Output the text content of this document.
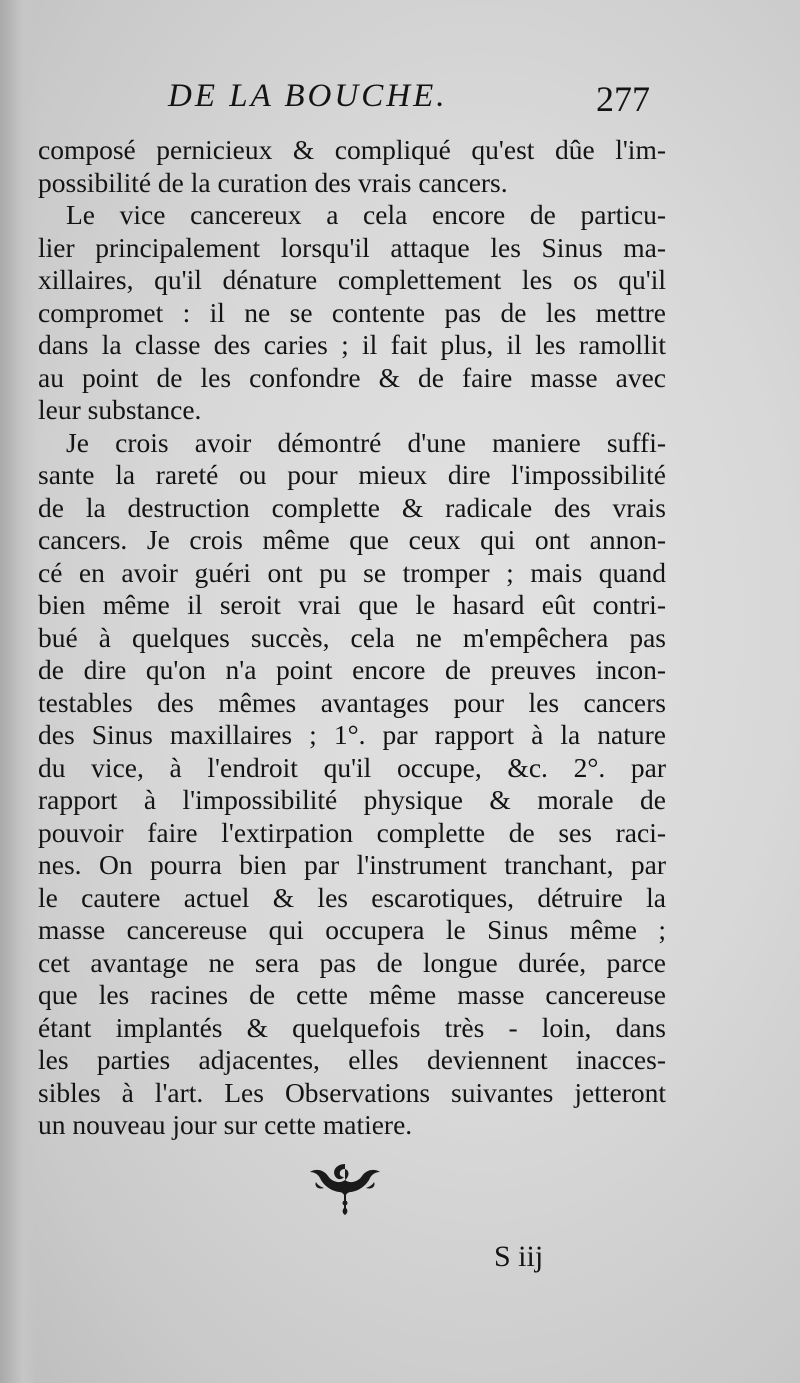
DE LA BOUCHE.	277
composé pernicieux & compliqué qu'est dûe l'im-
possibilité de la curation des vrais cancers.
Le vice cancereux a cela encore de particu-
lier principalement lorsqu'il attaque les Sinus ma-
xillaires, qu'il dénature complettement les os qu'il
compromet : il ne se contente pas de les mettre
dans la classe des caries ; il fait plus, il les ramollit
au point de les confondre & de faire masse avec
leur substance.
Je crois avoir démontré d'une maniere suffi-
sante la rareté ou pour mieux dire l'impossibilité
de la destruction complette & radicale des vrais
cancers. Je crois même que ceux qui ont annon-
cé en avoir guéri ont pu se tromper ; mais quand
bien même il seroit vrai que le hasard eût contri-
bué à quelques succès, cela ne m'empêchera pas
de dire qu'on n'a point encore de preuves incon-
testables des mêmes avantages pour les cancers
des Sinus maxillaires ; 1°. par rapport à la nature
du vice, à l'endroit qu'il occupe, &c. 2°. par
rapport à l'impossibilité physique & morale de
pouvoir faire l'extirpation complette de ses raci-
nes. On pourra bien par l'instrument tranchant, par
le cautere actuel & les escarotiques, détruire la
masse cancereuse qui occupera le Sinus même ;
cet avantage ne sera pas de longue durée, parce
que les racines de cette même masse cancereuse
étant implantés & quelquefois très - loin, dans
les parties adjacentes, elles deviennent inacces-
sibles à l'art. Les Observations suivantes jetteront
un nouveau jour sur cette matiere.
S iij
